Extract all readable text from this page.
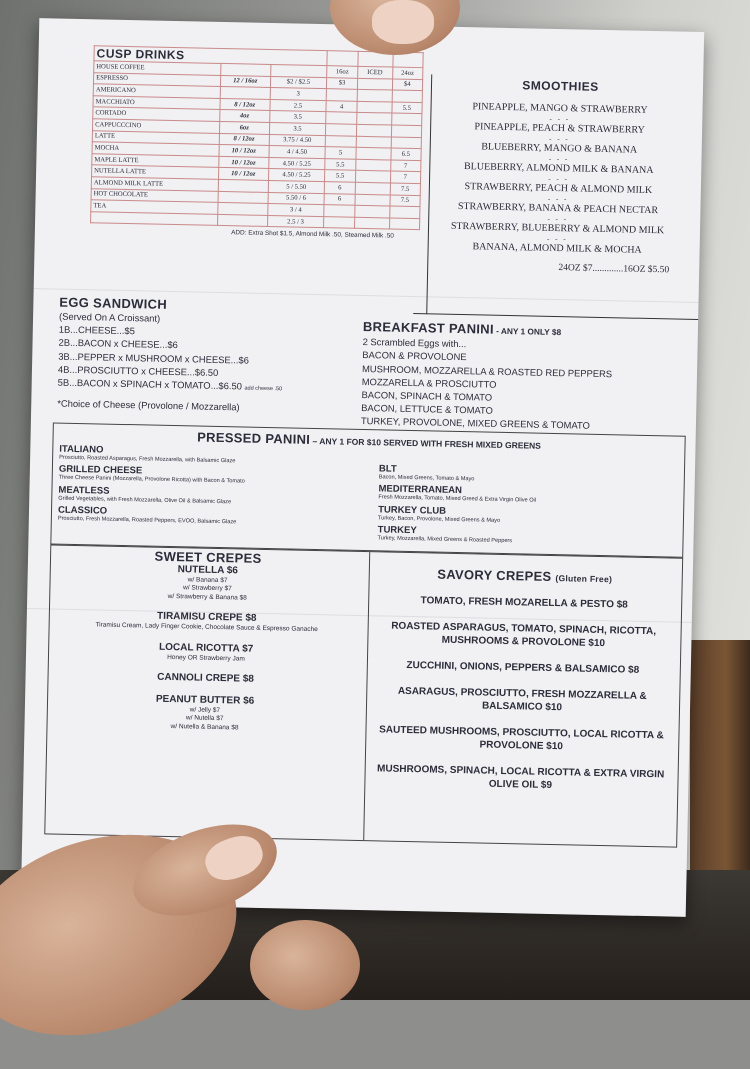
CUSP DRINKS					
HOUSE COFFEE			16oz	ICED	24oz
ESPRESSO	12 / 16oz	$2 / $2.5	$3		$4
AMERICANO		3			
MACCHIATO	8 / 12oz	2.5	4		5.5
CORTADO	4oz	3.5			
CAPPUCCCINO	6oz	3.5			
LATTE	8 / 12oz	3.75 / 4.50			
MOCHA	10 / 12oz	4 / 4.50	5		6.5
MAPLE LATTE	10 / 12oz	4.50 / 5.25	5.5		7
NUTELLA LATTE	10 / 12oz	4.50 / 5.25	5.5		7
ALMOND MILK LATTE		5 / 5.50	6		7.5
HOT CHOCOLATE		5.50 / 6	6		7.5
TEA		3 / 4			
		2.5 / 3			
ADD: Extra Shot $1.5, Almond Milk .50, Steamed Milk .50
SMOOTHIES
PINEAPPLE, MANGO & STRAWBERRY
- - -
PINEAPPLE, PEACH & STRAWBERRY
- - -
BLUEBERRY, MANGO & BANANA
- - -
BLUEBERRY, ALMOND MILK & BANANA
- - -
STRAWBERRY, PEACH & ALMOND MILK
- - -
STRAWBERRY, BANANA & PEACH NECTAR
- - -
STRAWBERRY, BLUEBERRY & ALMOND MILK
- - -
BANANA, ALMOND MILK & MOCHA
24OZ $7.............16OZ $5.50
EGG SANDWICH
(Served On A Croissant)
1B...CHEESE...$5
2B...BACON x CHEESE...$6
3B...PEPPER x MUSHROOM x CHEESE...$6
4B...PROSCIUTTO x CHEESE...$6.50
5B...BACON x SPINACH x TOMATO...$6.50 add cheese .50
*Choice of Cheese (Provolone / Mozzarella)
BREAKFAST PANINI - ANY 1 ONLY $8
2 Scrambled Eggs with...
BACON & PROVOLONE
MUSHROOM, MOZZARELLA & ROASTED RED PEPPERS
MOZZARELLA & PROSCIUTTO
BACON, SPINACH & TOMATO
BACON, LETTUCE & TOMATO
TURKEY, PROVOLONE, MIXED GREENS & TOMATO
PRESSED PANINI – ANY 1 FOR $10 SERVED WITH FRESH MIXED GREENS
ITALIANO
Prosciutto, Roasted Asparagus, Fresh Mozzarella, with Balsamic Glaze
GRILLED CHEESE
Three Cheese Panini (Mozzarella, Provolone Ricotta) with Bacon & Tomato
MEATLESS
Grilled Vegetables, with Fresh Mozzarella, Olive Oil & Balsamic Glaze
CLASSICO
Prosciutto, Fresh Mozzarella, Roasted Peppers, EVOO, Balsamic Glaze
BLT
Bacon, Mixed Greens, Tomato & Mayo
MEDITERRANEAN
Fresh Mozzarella, Tomato, Mixed Greed & Extra Virgin Olive Oil
TURKEY CLUB
Turkey, Bacon, Provolone, Mixed Greens & Mayo
TURKEY
Turkey, Mozzarella, Mixed Greens & Roasted Peppers
SWEET CREPES
NUTELLA $6
w/ Banana $7
w/ Strawberry $7
w/ Strawberry & Banana $8
TIRAMISU CREPE $8
Tiramisu Cream, Lady Finger Cookie, Chocolate Sauce & Espresso Ganache
LOCAL RICOTTA $7
Honey OR Strawberry Jam
CANNOLI CREPE $8
PEANUT BUTTER $6
w/ Jelly $7
w/ Nutella $7
w/ Nutella & Banana $8
SAVORY CREPES (Gluten Free)
TOMATO, FRESH MOZARELLA & PESTO $8
ROASTED ASPARAGUS, TOMATO, SPINACH, RICOTTA, MUSHROOMS & PROVOLONE $10
ZUCCHINI, ONIONS, PEPPERS & BALSAMICO $8
ASARAGUS, PROSCIUTTO, FRESH MOZZARELLA & BALSAMICO $10
SAUTEED MUSHROOMS, PROSCIUTTO, LOCAL RICOTTA & PROVOLONE $10
MUSHROOMS, SPINACH, LOCAL RICOTTA & EXTRA VIRGIN OLIVE OIL $9
